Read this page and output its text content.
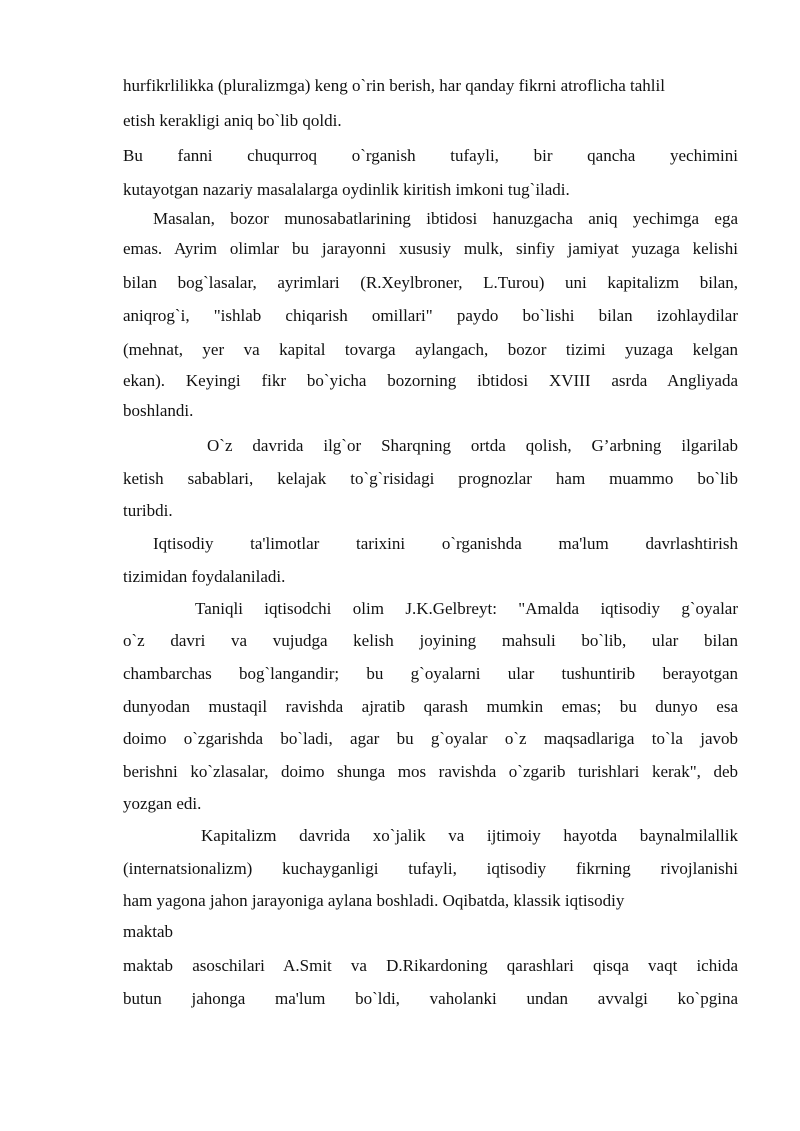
hurfikrlilikka (pluralizmga) keng o`rin berish, har qanday fikrni atroflicha tahlil
etish kerakligi aniq bo`lib qoldi.
Bu fanni chuqurroq o`rganish tufayli, bir qancha yechimini
kutayotgan nazariy masalalarga oydinlik kiritish imkoni tug`iladi.
Masalan, bozor munosabatlarining ibtidosi hanuzgacha aniq yechimga ega
emas. Ayrim olimlar bu jarayonni xususiy mulk, sinfiy jamiyat yuzaga kelishi
bilan bog`lasalar, ayrimlari (R.Xeylbroner, L.Turou) uni kapitalizm bilan,
aniqrog`i, "ishlab chiqarish omillari" paydo bo`lishi bilan izohlaydilar
(mehnat, yer va kapital tovarga aylangach, bozor tizimi yuzaga kelgan
ekan). Keyingi fikr bo`yicha bozorning ibtidosi XVIII asrda Angliyada
boshlandi.
O`z davrida ilg`or Sharqning ortda qolish, G’arbning ilgarilab
ketish sabablari, kelajak to`g`risidagi prognozlar ham muammo bo`lib
turibdi.
Iqtisodiy ta'limotlar tarixini o`rganishda ma'lum davrlashtirish
tizimidan foydalaniladi.
Taniqli iqtisodchi olim J.K.Gelbreyt: "Amalda iqtisodiy g`oyalar
o`z davri va vujudga kelish joyining mahsuli bo`lib, ular bilan
chambarchas bog`langandir; bu g`oyalarni ular tushuntirib berayotgan
dunyodan mustaqil ravishda ajratib qarash mumkin emas; bu dunyo esa
doimo o`zgarishda bo`ladi, agar bu g`oyalar o`z maqsadlariga to`la javob
berishni ko`zlasalar, doimo shunga mos ravishda o`zgarib turishlari kerak", deb
yozgan edi.
Kapitalizm davrida xo`jalik va ijtimoiy hayotda baynalmilallik
(internatsionalizm) kuchayganligi tufayli, iqtisodiy fikrning rivojlanishi
ham yagona jahon jarayoniga aylana boshladi. Oqibatda, klassik iqtisodiy
maktab
maktab asoschilari A.Smit va D.Rikardoning qarashlari qisqa vaqt ichida
butun jahonga ma'lum bo`ldi, vaholanki undan avvalgi ko`pgina
